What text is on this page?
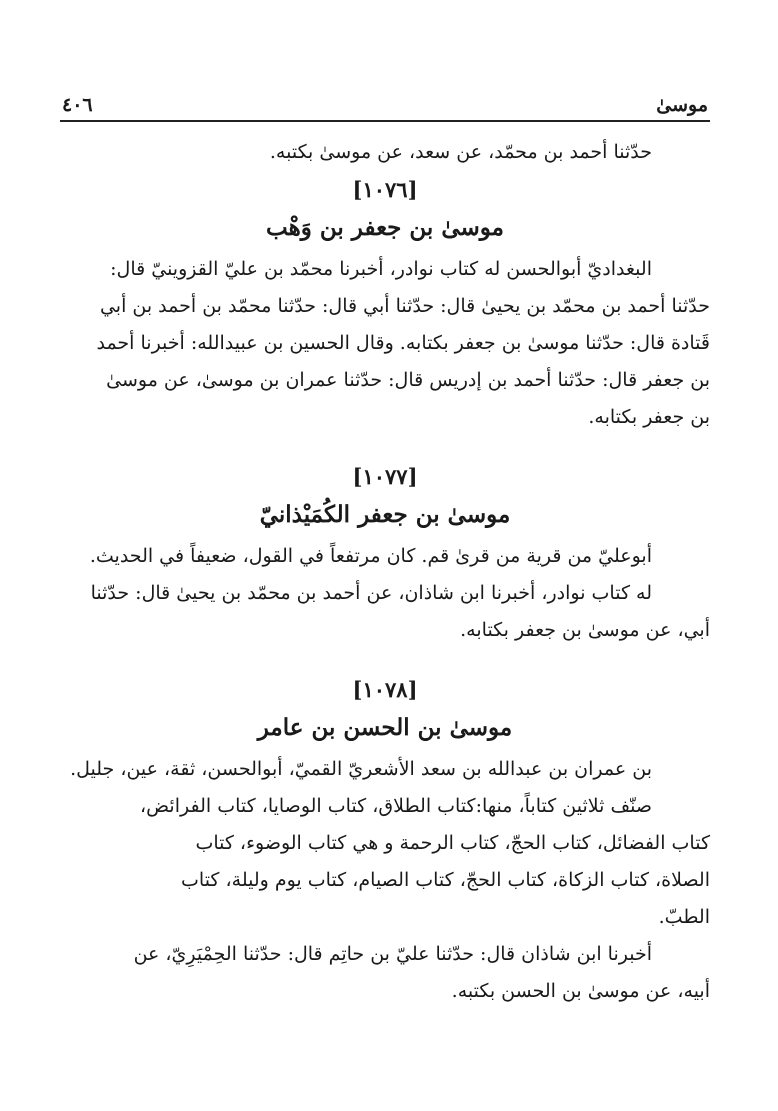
موسىٰ
٤٠٦

حدّثنا أحمد بن محمّد، عن سعد، عن موسىٰ بكتبه.

[١٠٧٦]

موسىٰ بن جعفر بن وَهْب

البغداديّ أبوالحسن له كتاب نوادر، أخبرنا محمّد بن عليّ القزوينيّ قال:

حدّثنا أحمد بن محمّد بن يحيىٰ قال: حدّثنا أبي قال: حدّثنا محمّد بن أحمد بن أبي

قَتادة قال: حدّثنا موسىٰ بن جعفر بكتابه. وقال الحسين بن عبيدالله: أخبرنا أحمد

بن جعفر قال: حدّثنا أحمد بن إدريس قال: حدّثنا عمران بن موسىٰ، عن موسىٰ

بن جعفر بكتابه.

[١٠٧٧]

موسىٰ بن جعفر الكُمَيْذانيّ

أبوعليّ من قرية من قرىٰ قم. كان مرتفعاً في القول، ضعيفاً في الحديث.

له كتاب نوادر، أخبرنا ابن شاذان، عن أحمد بن محمّد بن يحيىٰ قال: حدّثنا

أبي، عن موسىٰ بن جعفر بكتابه.

[١٠٧٨]

موسىٰ بن الحسن بن عامر

بن عمران بن عبدالله بن سعد الأشعريّ القميّ، أبوالحسن، ثقة، عين، جليل.

صنّف ثلاثين كتاباً، منها:كتاب الطلاق، كتاب الوصايا، كتاب الفرائض،

كتاب الفضائل، كتاب الحجّ، كتاب الرحمة و هي كتاب الوضوء، كتاب

الصلاة، كتاب الزكاة، كتاب الحجّ، كتاب الصيام، كتاب يوم وليلة، كتاب

الطبّ.

أخبرنا ابن شاذان قال: حدّثنا عليّ بن حاتِم قال: حدّثنا الحِمْيَرِيّ، عن

أبيه، عن موسىٰ بن الحسن بكتبه.
